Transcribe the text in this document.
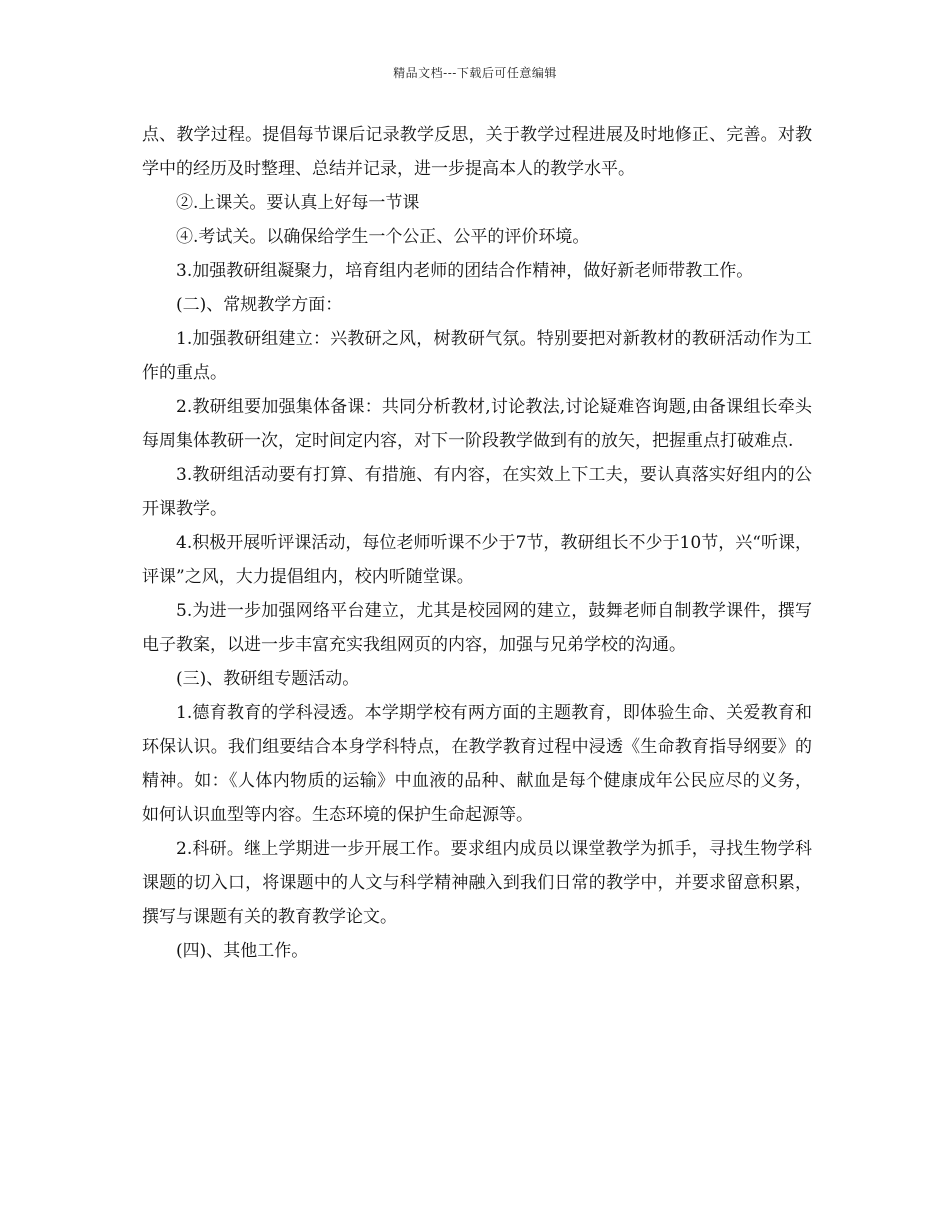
精品文档---下载后可任意编辑

点、教学过程。提倡每节课后记录教学反思，关于教学过程进展及时地修正、完善。对教学中的经历及时整理、总结并记录，进一步提高本人的教学水平。

②.上课关。要认真上好每一节课

④.考试关。以确保给学生一个公正、公平的评价环境。

3.加强教研组凝聚力，培育组内老师的团结合作精神，做好新老师带教工作。

(二)、常规教学方面：

1.加强教研组建立：兴教研之风，树教研气氛。特别要把对新教材的教研活动作为工作的重点。

2.教研组要加强集体备课：共同分析教材,讨论教法,讨论疑难咨询题,由备课组长牵头每周集体教研一次，定时间定内容，对下一阶段教学做到有的放矢，把握重点打破难点.

3.教研组活动要有打算、有措施、有内容，在实效上下工夫，要认真落实好组内的公开课教学。

4.积极开展听评课活动，每位老师听课不少于7节，教研组长不少于10节，兴“听课，评课”之风，大力提倡组内，校内听随堂课。

5.为进一步加强网络平台建立，尤其是校园网的建立，鼓舞老师自制教学课件，撰写电子教案，以进一步丰富充实我组网页的内容，加强与兄弟学校的沟通。

(三)、教研组专题活动。

1.德育教育的学科浸透。本学期学校有两方面的主题教育，即体验生命、关爱教育和环保认识。我们组要结合本身学科特点，在教学教育过程中浸透《生命教育指导纲要》的精神。如：《人体内物质的运输》中血液的品种、献血是每个健康成年公民应尽的义务，如何认识血型等内容。生态环境的保护生命起源等。

2.科研。继上学期进一步开展工作。要求组内成员以课堂教学为抓手，寻找生物学科课题的切入口，将课题中的人文与科学精神融入到我们日常的教学中，并要求留意积累，撰写与课题有关的教育教学论文。

(四)、其他工作。
